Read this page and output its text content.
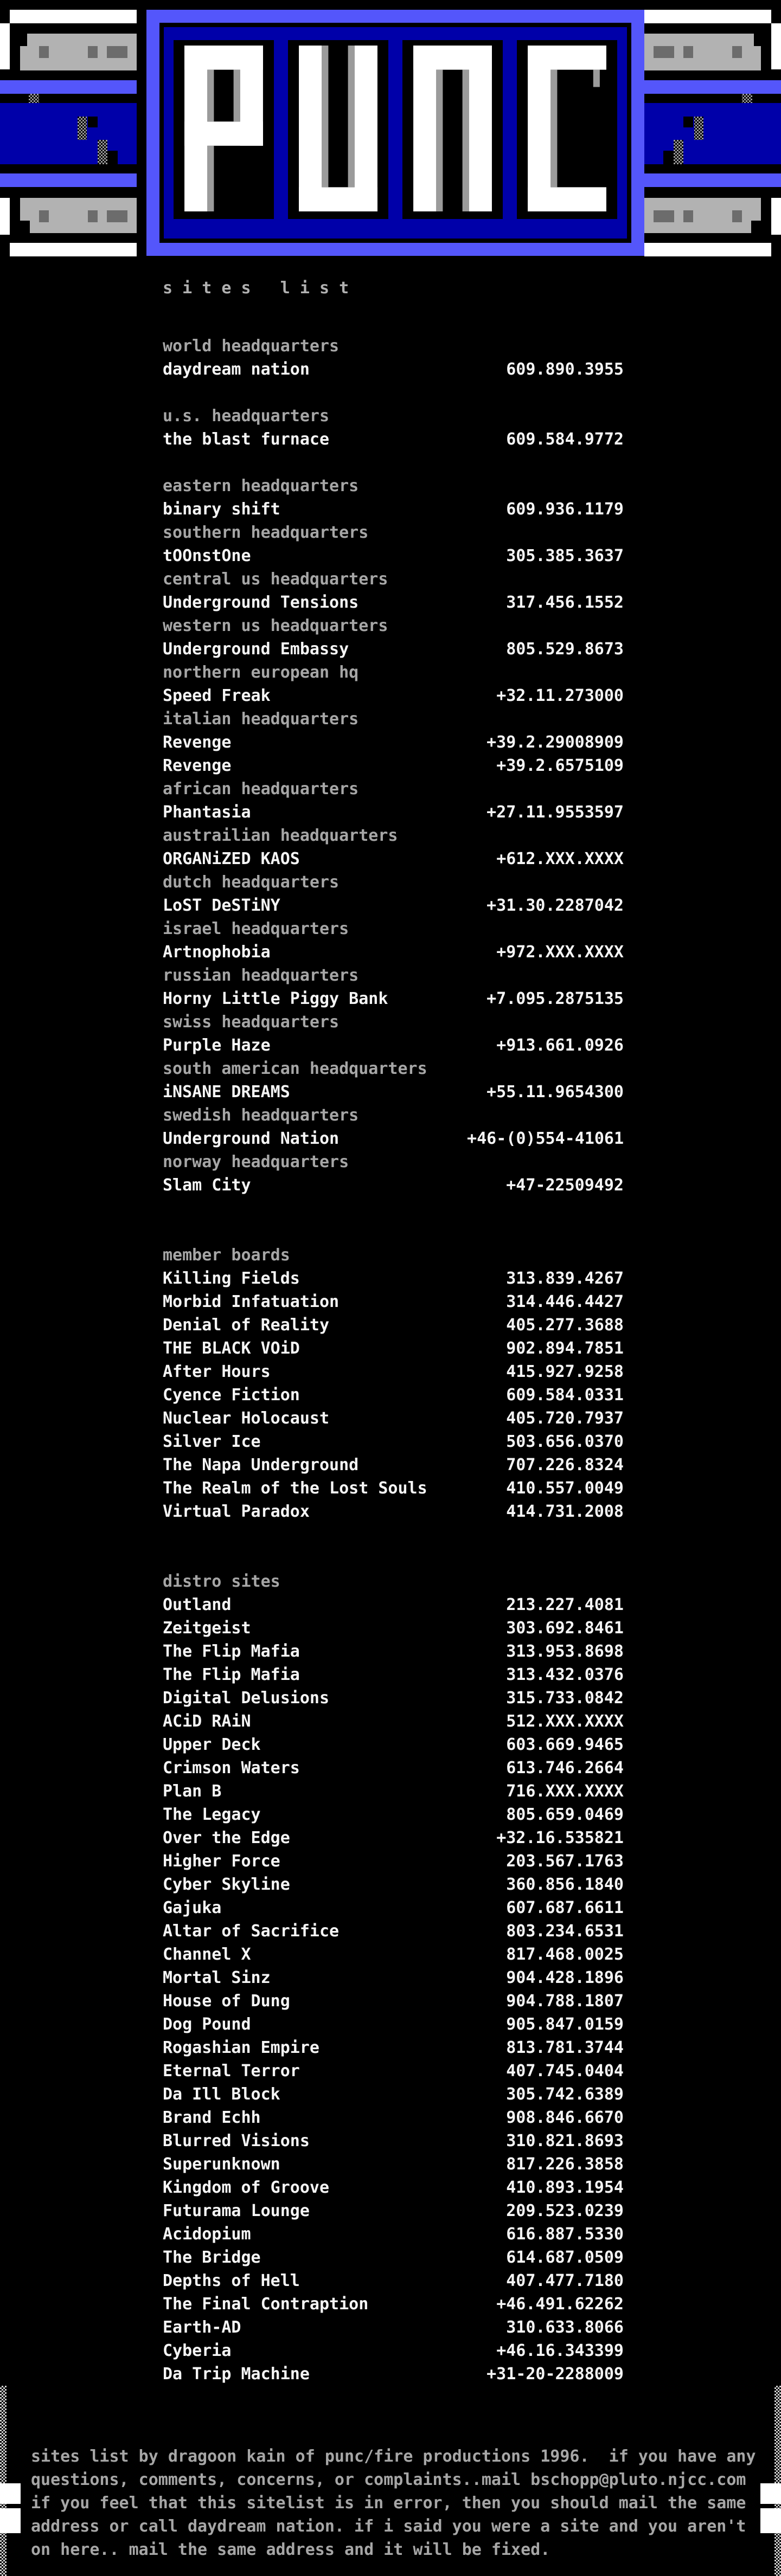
s i t e s   l i s t
world headquarters
daydream nation	609.890.3955
u.s. headquarters
the blast furnace	609.584.9772
eastern headquarters
binary shift	609.936.1179
southern headquarters
tOOnstOne	305.385.3637
central us headquarters
Underground Tensions	317.456.1552
western us headquarters
Underground Embassy	805.529.8673
northern european hq
Speed Freak	+32.11.273000
italian headquarters
Revenge	+39.2.29008909
Revenge	+39.2.6575109
african headquarters
Phantasia	+27.11.9553597
austrailian headquarters
ORGANiZED KAOS	+612.XXX.XXXX
dutch headquarters
LoST DeSTiNY	+31.30.2287042
israel headquarters
Artnophobia	+972.XXX.XXXX
russian headquarters
Horny Little Piggy Bank	+7.095.2875135
swiss headquarters
Purple Haze	+913.661.0926
south american headquarters
iNSANE DREAMS	+55.11.9654300
swedish headquarters
Underground Nation	+46-(0)554-41061
norway headquarters
Slam City	+47-22509492
member boards
Killing Fields	313.839.4267
Morbid Infatuation	314.446.4427
Denial of Reality	405.277.3688
THE BLACK VOiD	902.894.7851
After Hours	415.927.9258
Cyence Fiction	609.584.0331
Nuclear Holocaust	405.720.7937
Silver Ice	503.656.0370
The Napa Underground	707.226.8324
The Realm of the Lost Souls	410.557.0049
Virtual Paradox	414.731.2008
distro sites
Outland	213.227.4081
Zeitgeist	303.692.8461
The Flip Mafia	313.953.8698
The Flip Mafia	313.432.0376
Digital Delusions	315.733.0842
ACiD RAiN	512.XXX.XXXX
Upper Deck	603.669.9465
Crimson Waters	613.746.2664
Plan B	716.XXX.XXXX
The Legacy	805.659.0469
Over the Edge	+32.16.535821
Higher Force	203.567.1763
Cyber Skyline	360.856.1840
Gajuka	607.687.6611
Altar of Sacrifice	803.234.6531
Channel X	817.468.0025
Mortal Sinz	904.428.1896
House of Dung	904.788.1807
Dog Pound	905.847.0159
Rogashian Empire	813.781.3744
Eternal Terror	407.745.0404
Da Ill Block	305.742.6389
Brand Echh	908.846.6670
Blurred Visions	310.821.8693
Superunknown	817.226.3858
Kingdom of Groove	410.893.1954
Futurama Lounge	209.523.0239
Acidopium	616.887.5330
The Bridge	614.687.0509
Depths of Hell	407.477.7180
The Final Contraption	+46.491.62262
Earth-AD	310.633.8066
Cyberia	+46.16.343399
Da Trip Machine	+31-20-2288009
sites list by dragoon kain of punc/fire productions 1996.  if you have any
questions, comments, concerns, or complaints..mail bschopp@pluto.njcc.com
if you feel that this sitelist is in error, then you should mail the same
address or call daydream nation. if i said you were a site and you aren't
on here.. mail the same address and it will be fixed.
